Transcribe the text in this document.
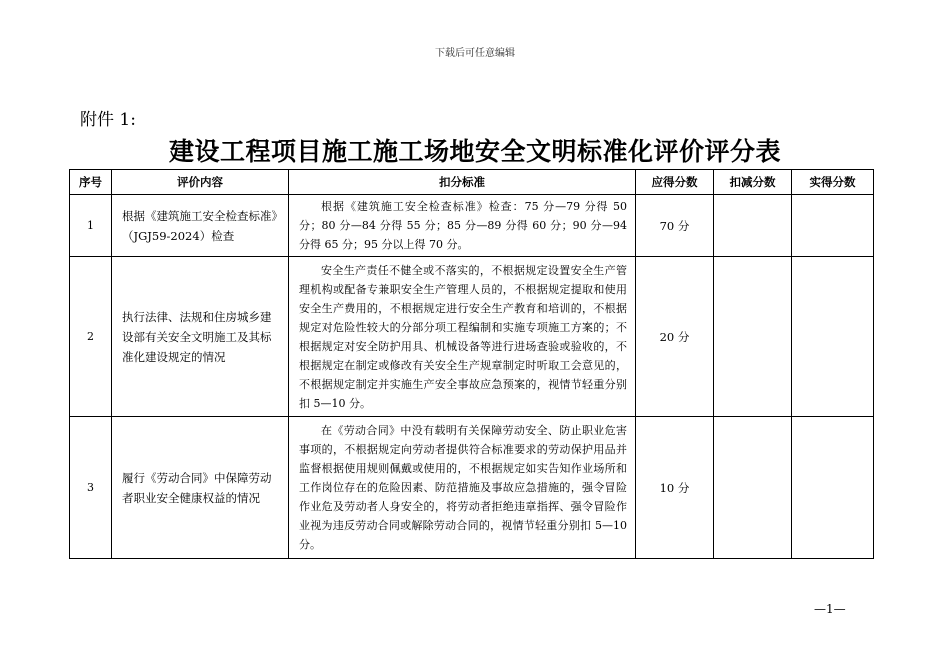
下载后可任意编辑
附件 1:
建设工程项目施工施工场地安全文明标准化评价评分表
序号	评价内容	扣分标准	应得分数	扣减分数	实得分数
1	根据《建筑施工安全检查标准》（JGJ59-2024）检查	根据《建筑施工安全检查标准》检查：75 分—79 分得 50 分；80 分—84 分得 55 分；85 分—89 分得 60 分；90 分—94 分得 65 分；95 分以上得 70 分。	70 分		
2	执行法律、法规和住房城乡建设部有关安全文明施工及其标准化建设规定的情况	安全生产责任不健全或不落实的，不根据规定设置安全生产管理机构或配备专兼职安全生产管理人员的，不根据规定提取和使用安全生产费用的，不根据规定进行安全生产教育和培训的，不根据规定对危险性较大的分部分项工程编制和实施专项施工方案的；不根据规定对安全防护用具、机械设备等进行进场查验或验收的，不根据规定在制定或修改有关安全生产规章制定时听取工会意见的，不根据规定制定并实施生产安全事故应急预案的，视情节轻重分别扣 5—10 分。	20 分		
3	履行《劳动合同》中保障劳动者职业安全健康权益的情况	在《劳动合同》中没有载明有关保障劳动安全、防止职业危害事项的，不根据规定向劳动者提供符合标准要求的劳动保护用品并监督根据使用规则佩戴或使用的，不根据规定如实告知作业场所和工作岗位存在的危险因素、防范措施及事故应急措施的，强令冒险作业危及劳动者人身安全的，将劳动者拒绝违章指挥、强令冒险作业视为违反劳动合同或解除劳动合同的，视情节轻重分别扣 5—10 分。	10 分		
—1—
